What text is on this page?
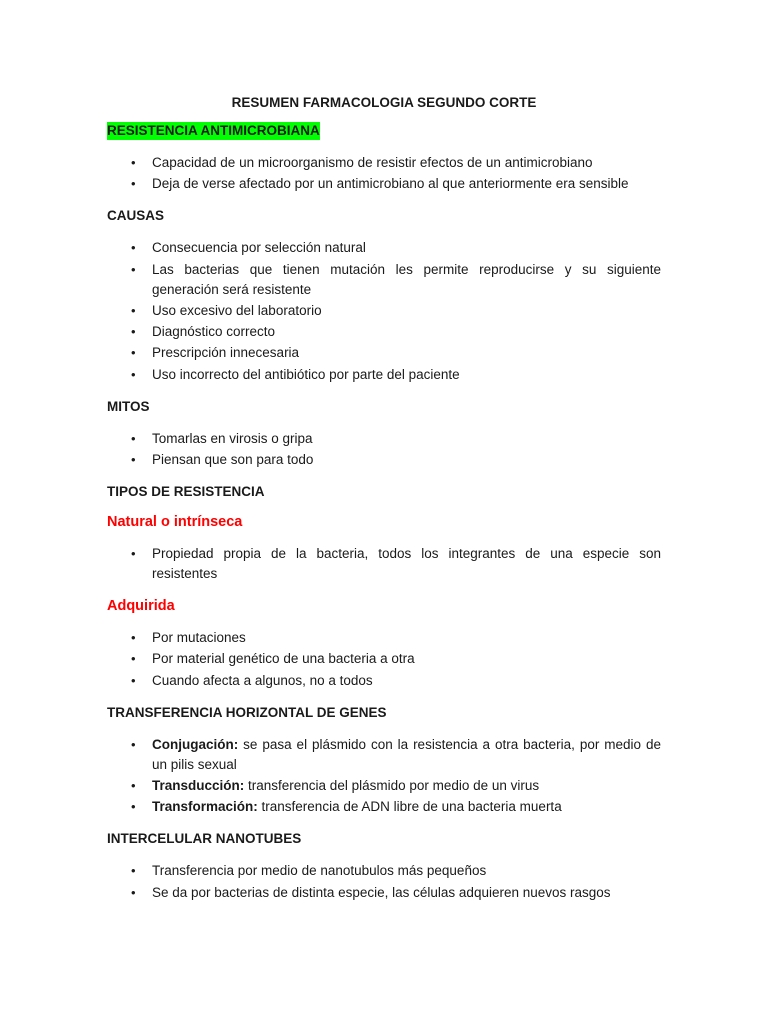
RESUMEN FARMACOLOGIA SEGUNDO CORTE
RESISTENCIA ANTIMICROBIANA
• Capacidad de un microorganismo de resistir efectos de un antimicrobiano
• Deja de verse afectado por un antimicrobiano al que anteriormente era sensible
CAUSAS
• Consecuencia por selección natural
• Las bacterias que tienen mutación les permite reproducirse y su siguiente generación será resistente
• Uso excesivo del laboratorio
• Diagnóstico correcto
• Prescripción innecesaria
• Uso incorrecto del antibiótico por parte del paciente
MITOS
• Tomarlas en virosis o gripa
• Piensan que son para todo
TIPOS DE RESISTENCIA
Natural o intrínseca
• Propiedad propia de la bacteria, todos los integrantes de una especie son resistentes
Adquirida
• Por mutaciones
• Por material genético de una bacteria a otra
• Cuando afecta a algunos, no a todos
TRANSFERENCIA HORIZONTAL DE GENES
• Conjugación: se pasa el plásmido con la resistencia a otra bacteria, por medio de un pilis sexual
• Transducción: transferencia del plásmido por medio de un virus
• Transformación: transferencia de ADN libre de una bacteria muerta
INTERCELULAR NANOTUBES
• Transferencia por medio de nanotubulos más pequeños
• Se da por bacterias de distinta especie, las células adquieren nuevos rasgos
